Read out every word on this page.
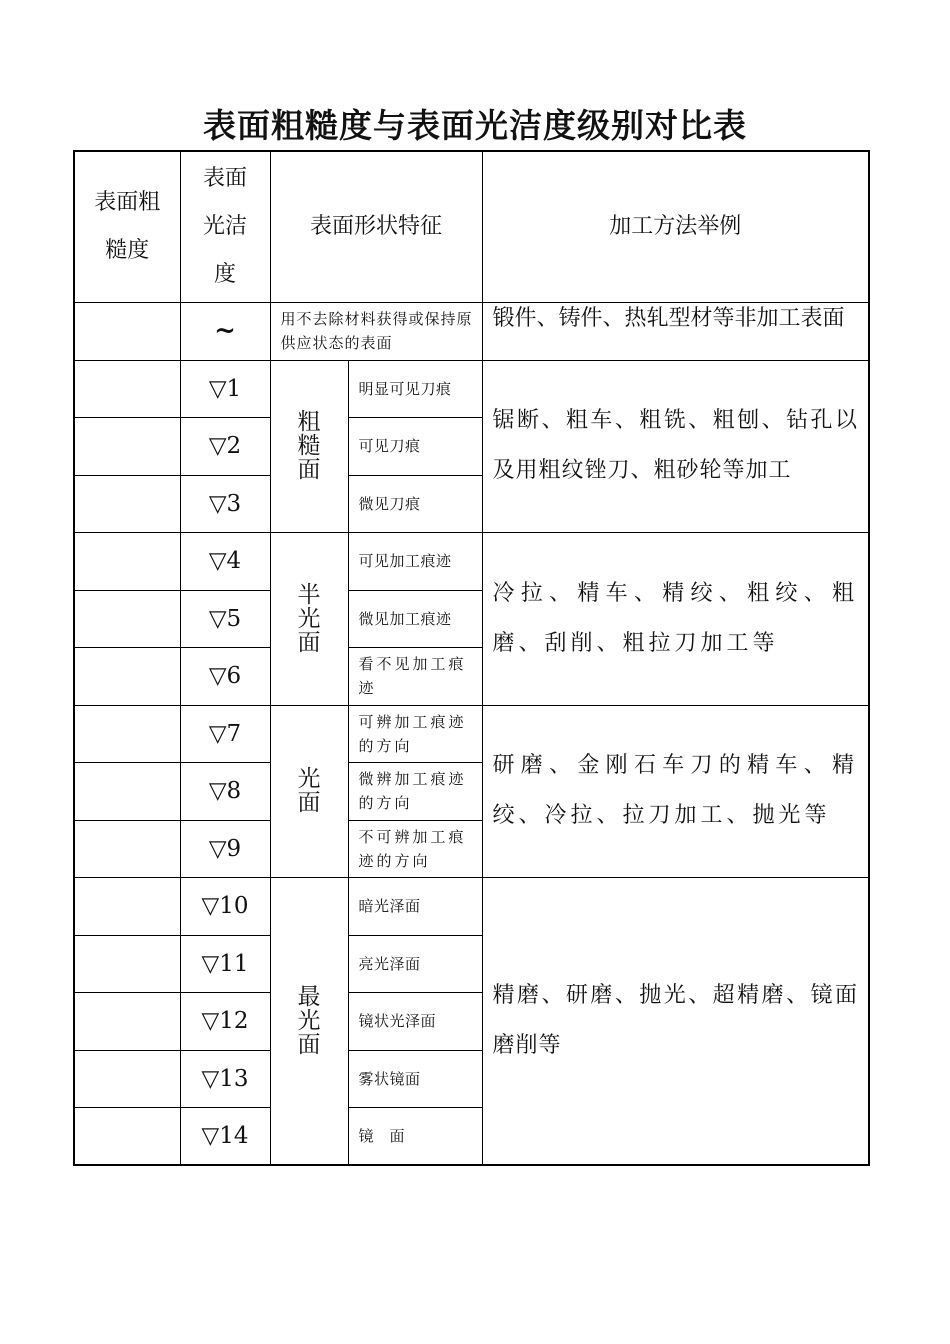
表面粗糙度与表面光洁度级别对比表
表面粗糙度	表面光洁度	表面形状特征		加工方法举例
	~	用不去除材料获得或保持原供应状态的表面		锻件、铸件、热轧型材等非加工表面
	▽1	粗糙面	明显可见刀痕	锯断、粗车、粗铣、粗刨、钻孔以及用粗纹锉刀、粗砂轮等加工
	▽2		可见刀痕	
	▽3		微见刀痕	
	▽4	半光面	可见加工痕迹	冷拉、精车、精绞、粗绞、粗磨、刮削、粗拉刀加工等
	▽5		微见加工痕迹	
	▽6		看不见加工痕迹	
	▽7	光面	可辨加工痕迹的方向	研磨、金刚石车刀的精车、精绞、冷拉、拉刀加工、抛光等
	▽8		微辨加工痕迹的方向	
	▽9		不可辨加工痕迹的方向	
	▽10	最光面	暗光泽面	精磨、研磨、抛光、超精磨、镜面磨削等
	▽11		亮光泽面	
	▽12		镜状光泽面	
	▽13		雾状镜面	
	▽14		镜　面	
